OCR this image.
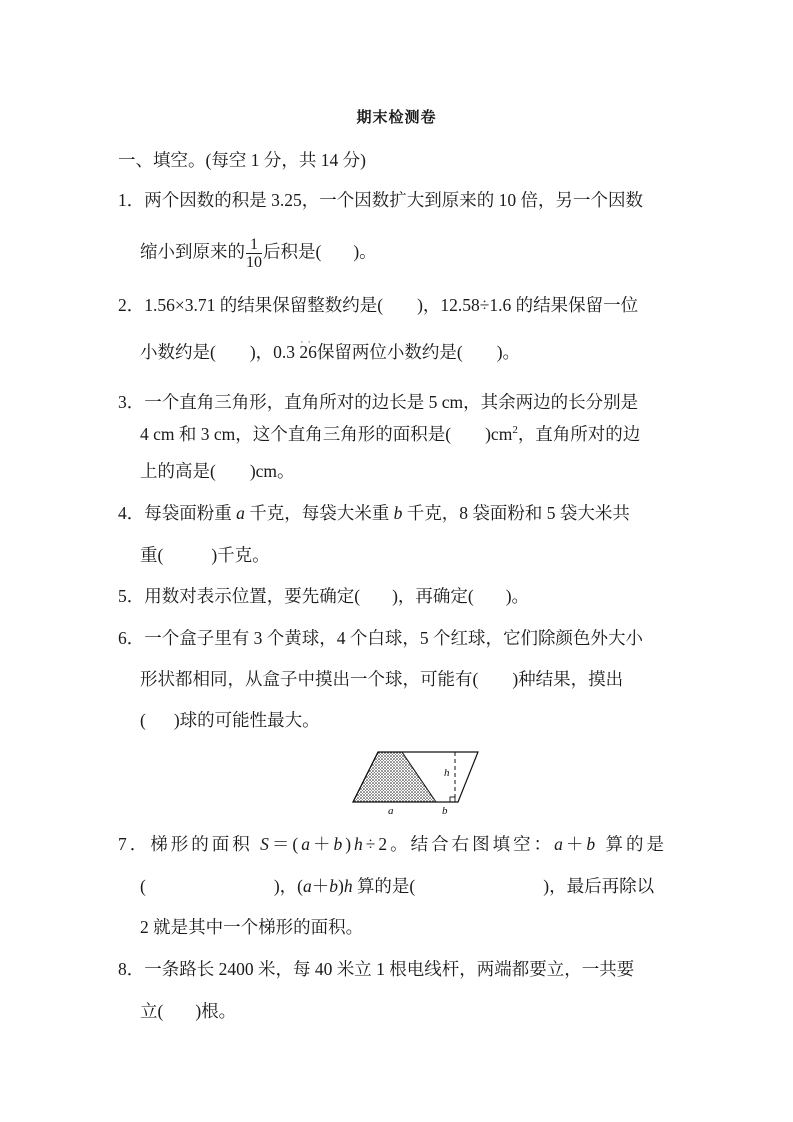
期末检测卷
一、填空。(每空 1 分，共 14 分)
1．两个因数的积是 3.25，一个因数扩大到原来的 10 倍，另一个因数
缩小到原来的 $\frac{1}{10}$ 后积是( )。
2．1.56×3.71 的结果保留整数约是( )，12.58÷1.6 的结果保留一位
小数约是( )，0.3 · · 26保留两位小数约是( )。
3．一个直角三角形，直角所对的边长是 5 cm，其余两边的长分别是
4 cm 和 3 cm，这个直角三角形的面积是( )$cm^2$，直角所对的边
上的高是( )cm。
4．每袋面粉重 a 千克，每袋大米重 b 千克，8 袋面粉和 5 袋大米共
重(	)千克。
5．用数对表示位置，要先确定( )，再确定( )。
6．一个盒子里有 3 个黄球，4 个白球，5 个红球，它们除颜色外大小
形状都相同，从盒子中摸出一个球，可能有( )种结果，摸出
( )球的可能性最大。
h
a	b
7．梯形的面积 S＝(a＋b)h÷2。结合右图填空：a＋b 算的是
(	)，(a＋b)h 算的是(	)，最后再除以
2 就是其中一个梯形的面积。
8．一条路长 2400 米，每 40 米立 1 根电线杆，两端都要立，一共要
立( )根。
